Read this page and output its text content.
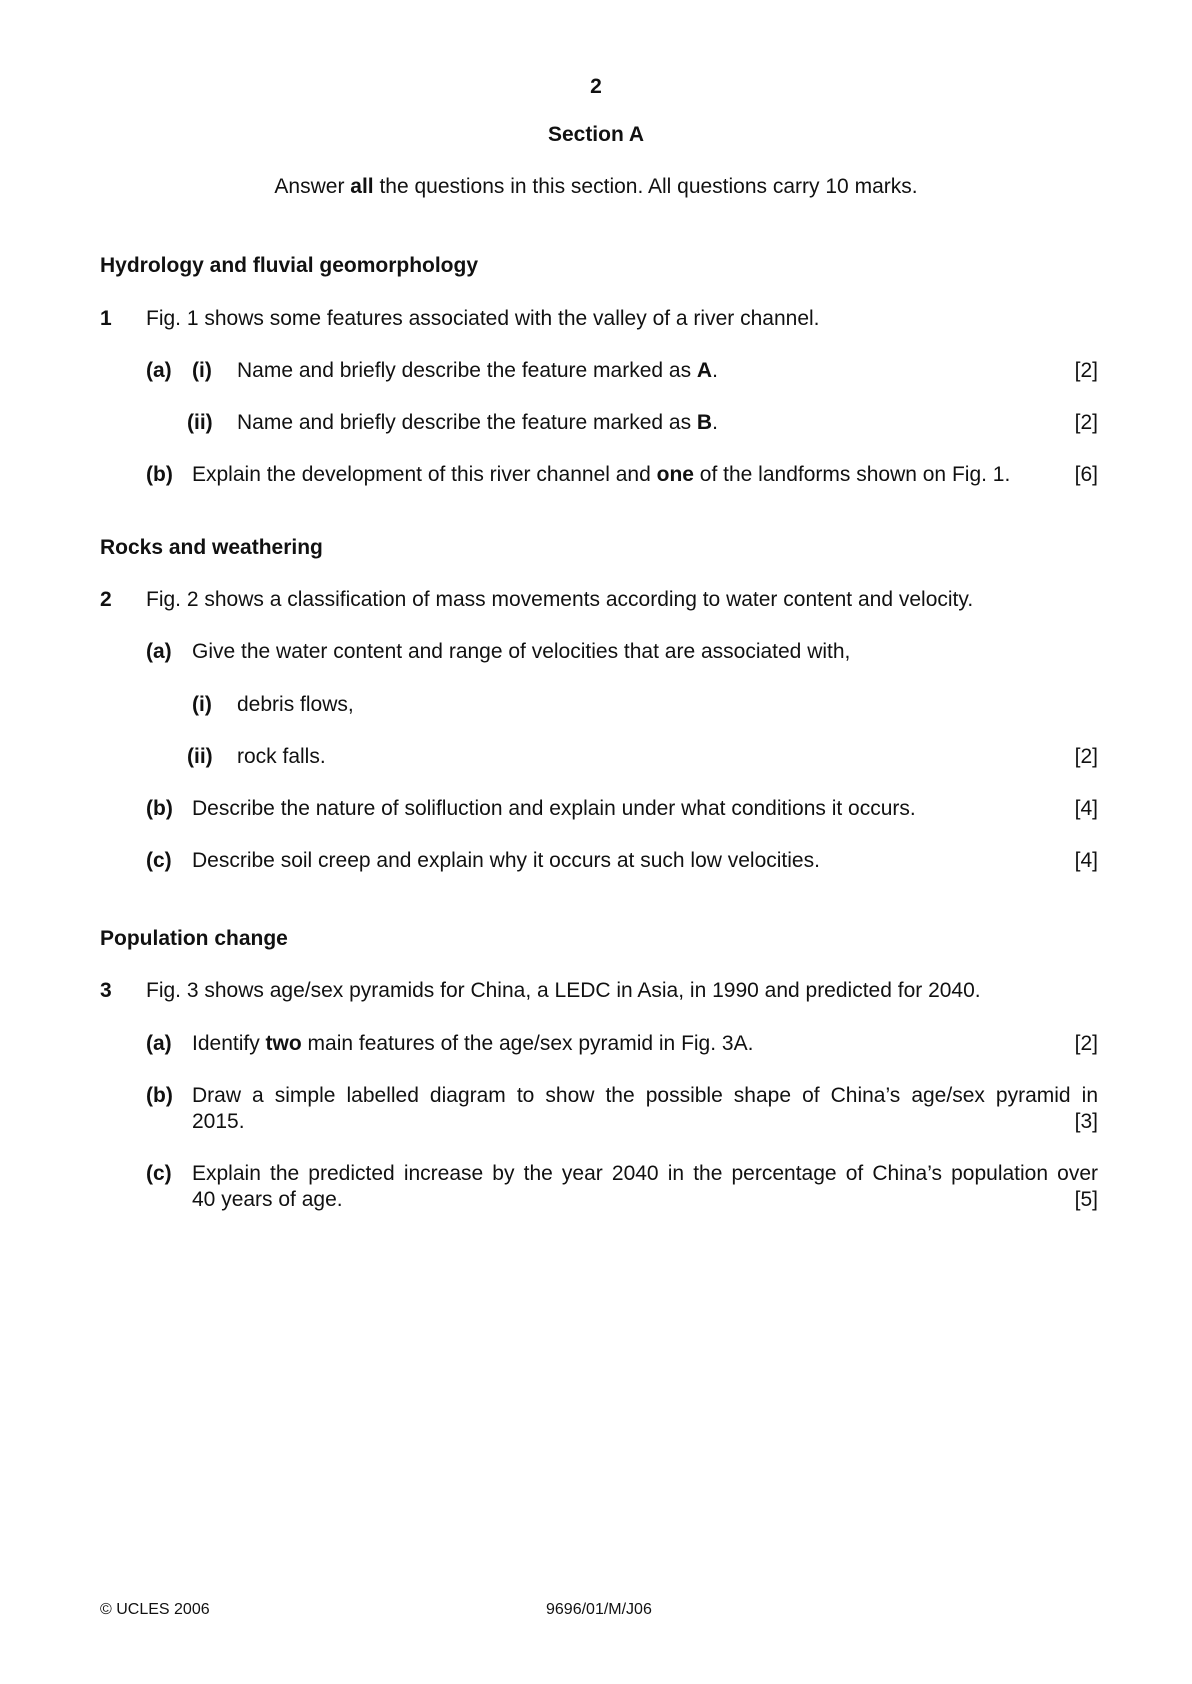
2
Section A
Answer all the questions in this section. All questions carry 10 marks.
Hydrology and fluvial geomorphology
1 Fig. 1 shows some features associated with the valley of a river channel.
(a) (i) Name and briefly describe the feature marked as A.	[2]
(ii) Name and briefly describe the feature marked as B.	[2]
(b) Explain the development of this river channel and one of the landforms shown on Fig. 1.	[6]
Rocks and weathering
2 Fig. 2 shows a classification of mass movements according to water content and velocity.
(a) Give the water content and range of velocities that are associated with,
(i) debris flows,
(ii) rock falls.	[2]
(b) Describe the nature of solifluction and explain under what conditions it occurs.	[4]
(c) Describe soil creep and explain why it occurs at such low velocities.	[4]
Population change
3 Fig. 3 shows age/sex pyramids for China, a LEDC in Asia, in 1990 and predicted for 2040.
(a) Identify two main features of the age/sex pyramid in Fig. 3A.	[2]
(b) Draw a simple labelled diagram to show the possible shape of China’s age/sex pyramid in
2015.	[3]
(c) Explain the predicted increase by the year 2040 in the percentage of China’s population over
40 years of age.	[5]
© UCLES 2006	9696/01/M/J06
